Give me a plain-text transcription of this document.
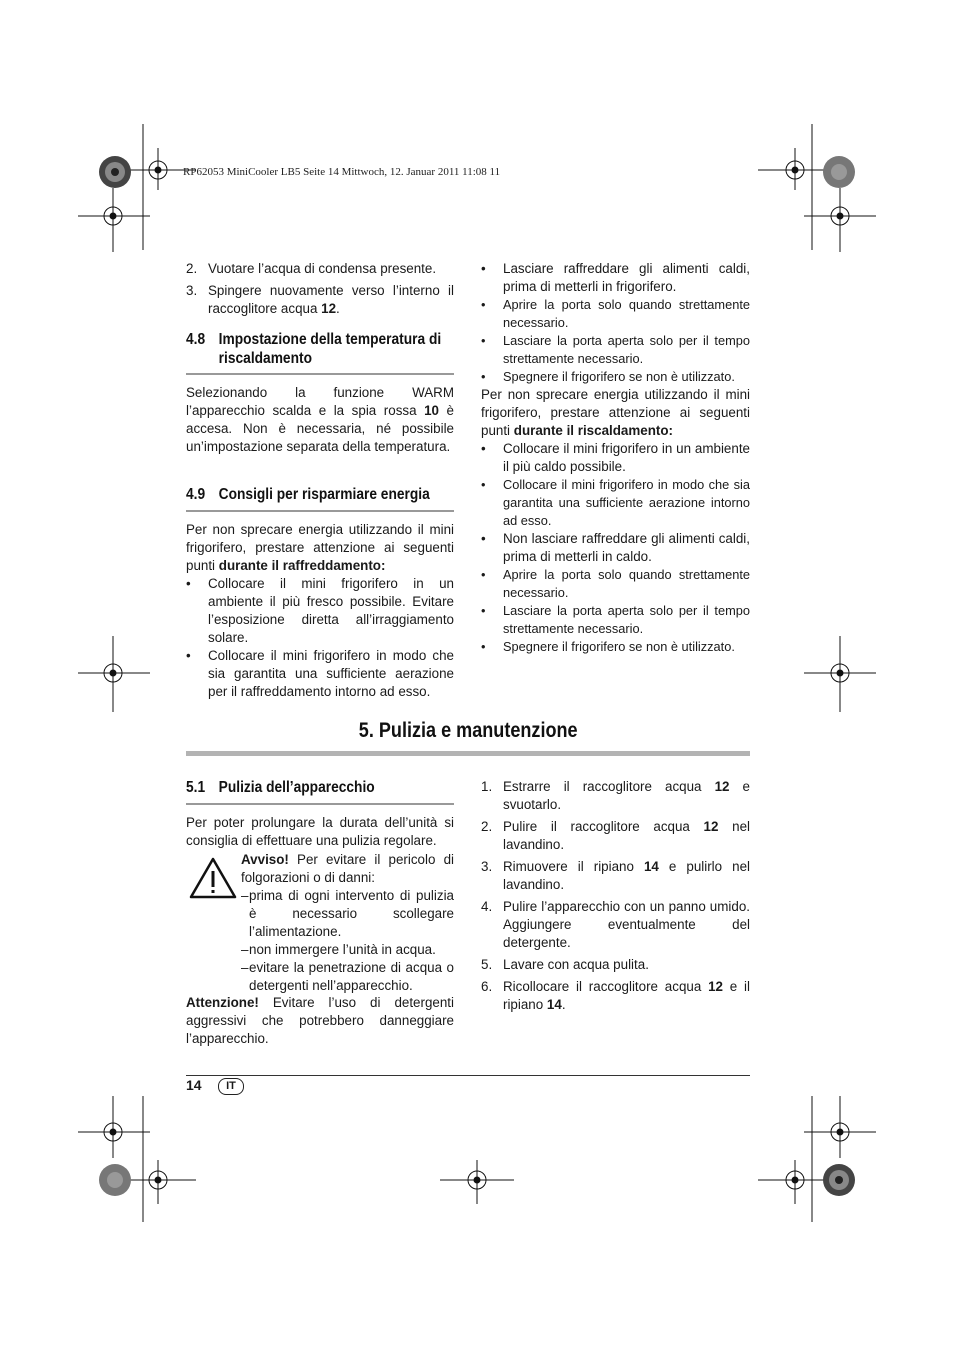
RP62053 MiniCooler LB5 Seite 14 Mittwoch, 12. Januar 2011 11:08 11

2. Vuotare l’acqua di condensa presente.

3. Spingere nuovamente verso l’interno il raccoglitore acqua 12.

4.8 Impostazione della temperatura di riscaldamento

Selezionando la funzione WARM l’apparecchio scalda e la spia rossa 10 è accesa. Non è necessaria, né possibile un’impostazione separata della temperatura.

4.9 Consigli per risparmiare energia

Per non sprecare energia utilizzando il mini frigorifero, prestare attenzione ai seguenti punti durante il raffreddamento:

•	Collocare il mini frigorifero in un ambiente il più fresco possibile. Evitare l’esposizione diretta all’irraggiamento solare.

•	Collocare il mini frigorifero in modo che sia garantita una sufficiente aerazione per il raffreddamento intorno ad esso.

•	Lasciare raffreddare gli alimenti caldi, prima di metterli in frigorifero.

•	Aprire la porta solo quando strettamente necessario.

•	Lasciare la porta aperta solo per il tempo strettamente necessario.

•	Spegnere il frigorifero se non è utilizzato.

Per non sprecare energia utilizzando il mini frigorifero, prestare attenzione ai seguenti punti durante il riscaldamento:

•	Collocare il mini frigorifero in un ambiente il più caldo possibile.

•	Collocare il mini frigorifero in modo che sia garantita una sufficiente aerazione intorno ad esso.

•	Non lasciare raffreddare gli alimenti caldi, prima di metterli in caldo.

•	Aprire la porta solo quando strettamente necessario.

•	Lasciare la porta aperta solo per il tempo strettamente necessario.

•	Spegnere il frigorifero se non è utilizzato.

5. Pulizia e manutenzione
5.1 Pulizia dell’apparecchio

Per poter prolungare la durata dell’unità si consiglia di effettuare una pulizia regolare.

Avviso! Per evitare il pericolo di folgorazioni o di danni:

– prima di ogni intervento di pulizia è necessario scollegare l’alimentazione.

– non immergere l’unità in acqua.

– evitare la penetrazione di acqua o detergenti nell’apparecchio.

Attenzione! Evitare l’uso di detergenti aggressivi che potrebbero danneggiare l’apparecchio.

1. Estrarre il raccoglitore acqua 12 e svuotarlo.

2. Pulire il raccoglitore acqua 12 nel lavandino.

3. Rimuovere il ripiano 14 e pulirlo nel lavandino.

4. Pulire l’apparecchio con un panno umido. Aggiungere eventualmente del detergente.

5. Lavare con acqua pulita.

6. Ricollocare il raccoglitore acqua 12 e il ripiano 14.

14	IT
